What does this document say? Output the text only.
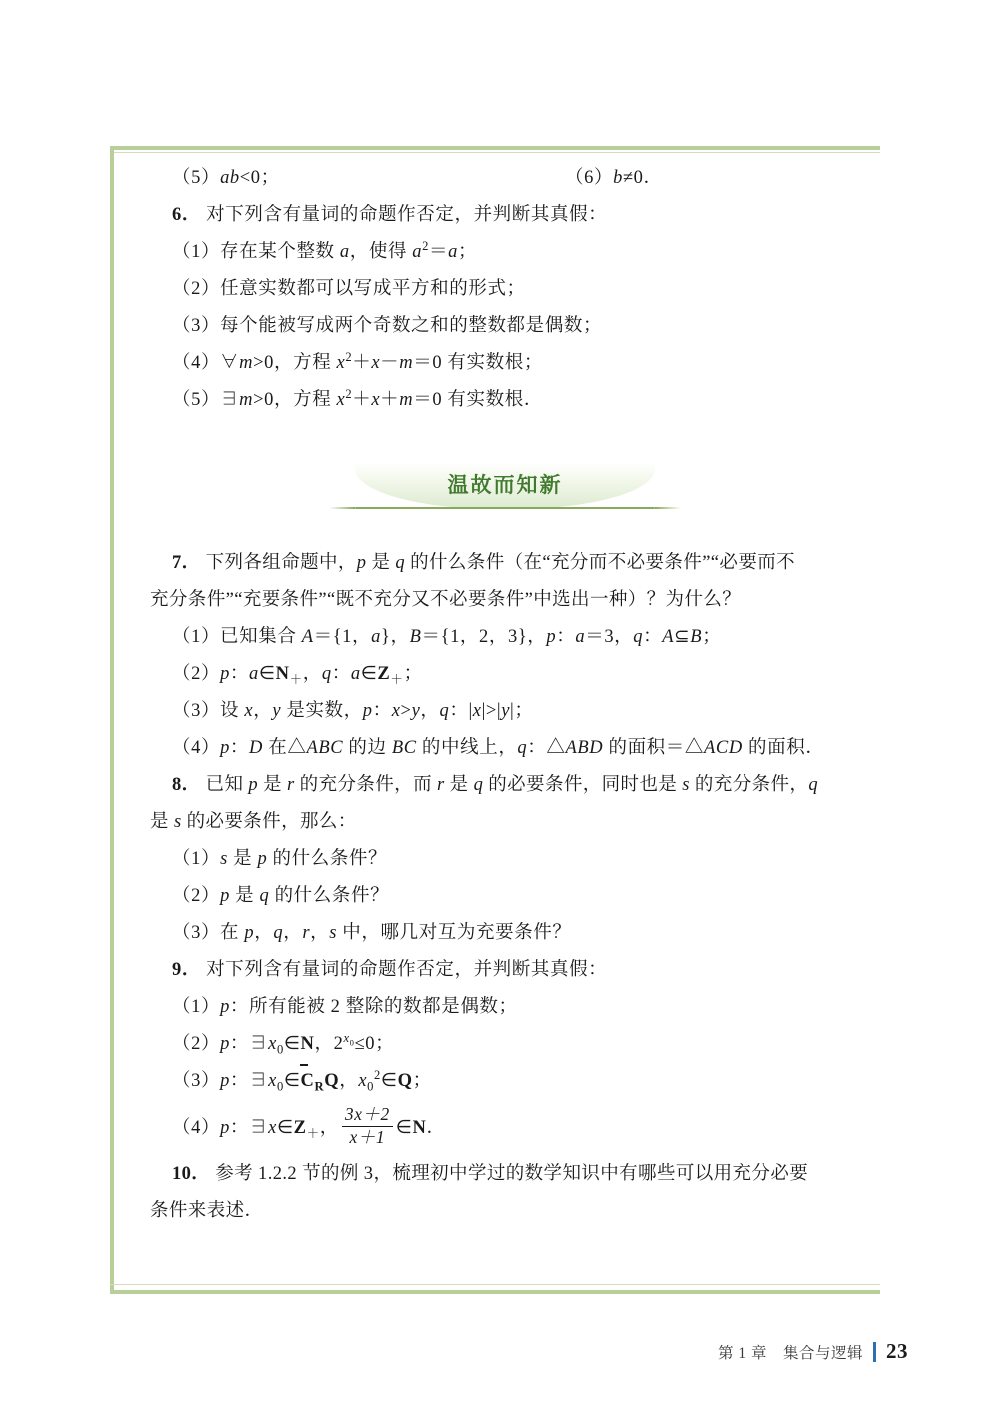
（5）ab<0；	（6）b≠0．
6． 对下列含有量词的命题作否定，并判断其真假：
（1）存在某个整数 a，使得 $a^2=a$；
（2）任意实数都可以写成平方和的形式；
（3）每个能被写成两个奇数之和的整数都是偶数；
（4）∀m>0，方程 $x^2+x-m=0$ 有实数根；
（5）∃m>0，方程 $x^2+x+m=0$ 有实数根．
温故而知新
7． 下列各组命题中，p 是 q 的什么条件（在“充分而不必要条件”“必要而不
充分条件”“充要条件”“既不充分又不必要条件”中选出一种）？为什么？
（1）已知集合 A＝{1，a}，B＝{1，2，3}，p：a＝3，q：A⊆B；
（2）p：$a\in N_+$，q：$a\in Z_+$；
（3）设 x，y 是实数，p：x>y，q：|x|>|y|；
（4）p：D 在△ABC 的边 BC 的中线上，q：△ABD 的面积＝△ACD 的面积．
8． 已知 p 是 r 的充分条件，而 r 是 q 的必要条件，同时也是 s 的充分条件，q
是 s 的必要条件，那么：
（1）s 是 p 的什么条件？
（2）p 是 q 的什么条件？
（3）在 p，q，r，s 中，哪几对互为充要条件？
9． 对下列含有量词的命题作否定，并判断其真假：
（1）p：所有能被 2 整除的数都是偶数；
（2）p：$\exists x_0\in N$，$2^{x_0}\le 0$；
（3）p：$\exists x_0\in$
$C_RQ$，$x_0^2\in Q$；
（4）p：$\exists x\in Z_+$， $\frac{3x+2}{x+1}$ ∈N．
10． 参考 1.2.2 节的例 3，梳理初中学过的数学知识中有哪些可以用充分必要
条件来表述．
第 1 章　集合与逻辑 23
